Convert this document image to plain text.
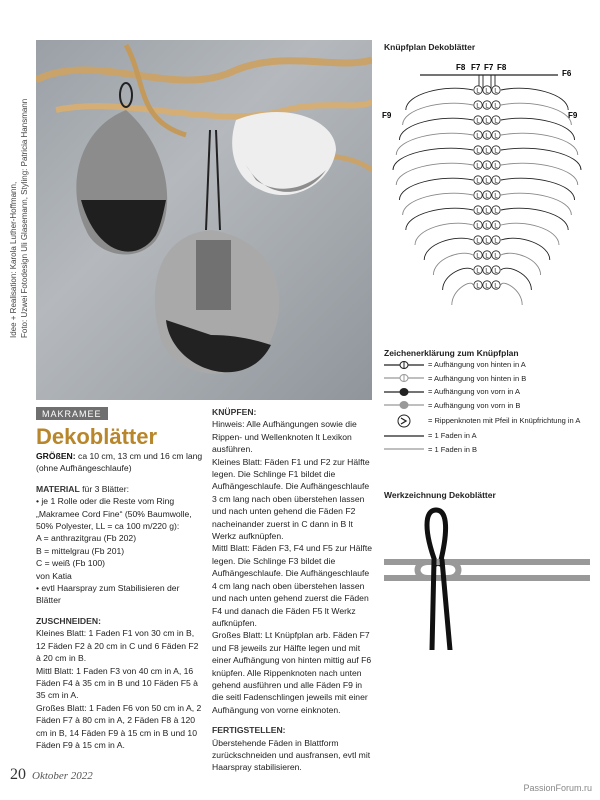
Idee + Realisation: Karola Luther-Hoffmann, Foto: Uzwei Fotodesign Uli Glasemann, Styling: Patricia Hansmann
MAKRAMEE
Dekoblätter

GRÖßEN: ca 10 cm, 13 cm und 16 cm lang (ohne Aufhängeschlaufe)

MATERIAL für 3 Blätter:

• je 1 Rolle oder die Reste vom Ring „Makramee Cord Fine“ (50% Baumwolle, 50% Polyester, LL = ca 100 m/220 g):

A = anthrazitgrau (Fb 202)

B = mittelgrau (Fb 201)

C = weiß (Fb 100)

von Katia

• evtl Haarspray zum Stabilisieren der Blätter

ZUSCHNEIDEN:

Kleines Blatt: 1 Faden F1 von 30 cm in B, 12 Fäden F2 à 20 cm in C und 6 Fäden F2 à 20 cm in B.

Mittl Blatt: 1 Faden F3 von 40 cm in A, 16 Fäden F4 à 35 cm in B und 10 Fäden F5 à 35 cm in A.

Großes Blatt: 1 Faden F6 von 50 cm in A, 2 Fäden F7 à 80 cm in A, 2 Fäden F8 à 120 cm in B, 14 Fäden F9 à 15 cm in B und 10 Fäden F9 à 15 cm in A.

KNÜPFEN:

Hinweis: Alle Aufhängungen sowie die Rippen- und Wellenknoten lt Lexikon ausführen.

Kleines Blatt: Fäden F1 und F2 zur Hälfte legen. Die Schlinge F1 bildet die Aufhängeschlaufe. Die Aufhängeschlaufe 3 cm lang nach oben überstehen lassen und nach unten gehend die Fäden F2 nacheinander zuerst in C dann in B lt Werkz aufknüpfen.

Mittl Blatt: Fäden F3, F4 und F5 zur Hälfte legen. Die Schlinge F3 bildet die Aufhängeschlaufe. Die Aufhängeschlaufe 4 cm lang nach oben überstehen lassen und nach unten gehend zuerst die Fäden F4 und danach die Fäden F5 lt Werkz aufknüpfen.

Großes Blatt: Lt Knüpfplan arb. Fäden F7 und F8 jeweils zur Hälfte legen und mit einer Aufhängung von hinten mittig auf F6 knüpfen. Alle Rippenknoten nach unten gehend ausführen und alle Fäden F9 in die seitl Fadenschlingen jeweils mit einer Aufhängung von vorne einknoten.

FERTIGSTELLEN:

Überstehende Fäden in Blattform zurückschneiden und ausfransen, evtl mit Haarspray stabilisieren.

Knüpfplan Dekoblätter
F8 F7 F7 F8
F6
F9	F9
L L L
L L L
L L L
L L L
L L L
L L L
L L L
L L L
L L L
L L L
L L L
L L L
L L L
L L L
Zeichenerklärung zum Knüpfplan
= Aufhängung von hinten in A
= Aufhängung von hinten in B
= Aufhängung von vorn in A
= Aufhängung von vorn in B
= Rippenknoten mit Pfeil in Knüpfrichtung in A
= 1 Faden in A
= 1 Faden in B
Werkzeichnung Dekoblätter
20 Oktober 2022
PassionForum.ru
